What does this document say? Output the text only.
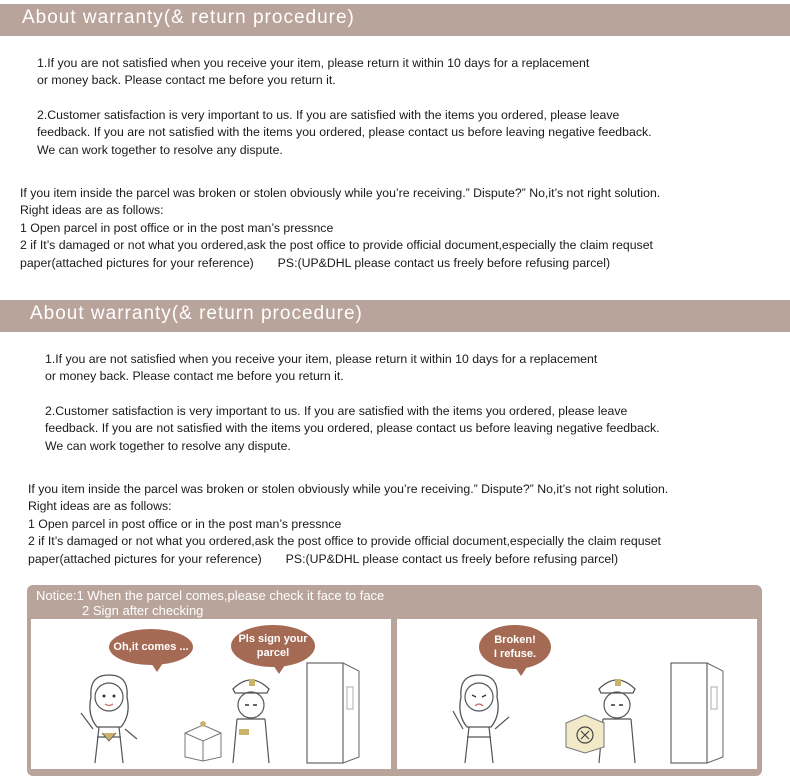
About warranty(& return procedure)
1.If you are not satisfied when you receive your item, please return it within 10 days for a replacement
or money back. Please contact me before you return it.
2.Customer satisfaction is very important to us. If you are satisfied with the items you ordered, please leave
feedback. If you are not satisfied with the items you ordered, please contact us before leaving negative feedback.
We can work together to resolve any dispute.
If you item inside the parcel was broken or stolen obviously while you’re receiving.” Dispute?” No,it’s not right solution.
Right ideas are as follows:
1 Open parcel in post office or in the post man’s pressnce
2 if It’s damaged or not what you ordered,ask the post office to provide official document,especially the claim requset
paper(attached pictures for your reference)       PS:(UP&DHL please contact us freely before refusing parcel)
About warranty(& return procedure)
1.If you are not satisfied when you receive your item, please return it within 10 days for a replacement
or money back. Please contact me before you return it.
2.Customer satisfaction is very important to us. If you are satisfied with the items you ordered, please leave
feedback. If you are not satisfied with the items you ordered, please contact us before leaving negative feedback.
We can work together to resolve any dispute.
If you item inside the parcel was broken or stolen obviously while you’re receiving.” Dispute?” No,it’s not right solution.
Right ideas are as follows:
1 Open parcel in post office or in the post man’s pressnce
2 if It’s damaged or not what you ordered,ask the post office to provide official document,especially the claim requset
paper(attached pictures for your reference)       PS:(UP&DHL please contact us freely before refusing parcel)
Notice:1 When the parcel comes,please check it face to face
2 Sign after checking
Oh,it comes ...
Pls sign your
parcel
Broken!
I refuse.
